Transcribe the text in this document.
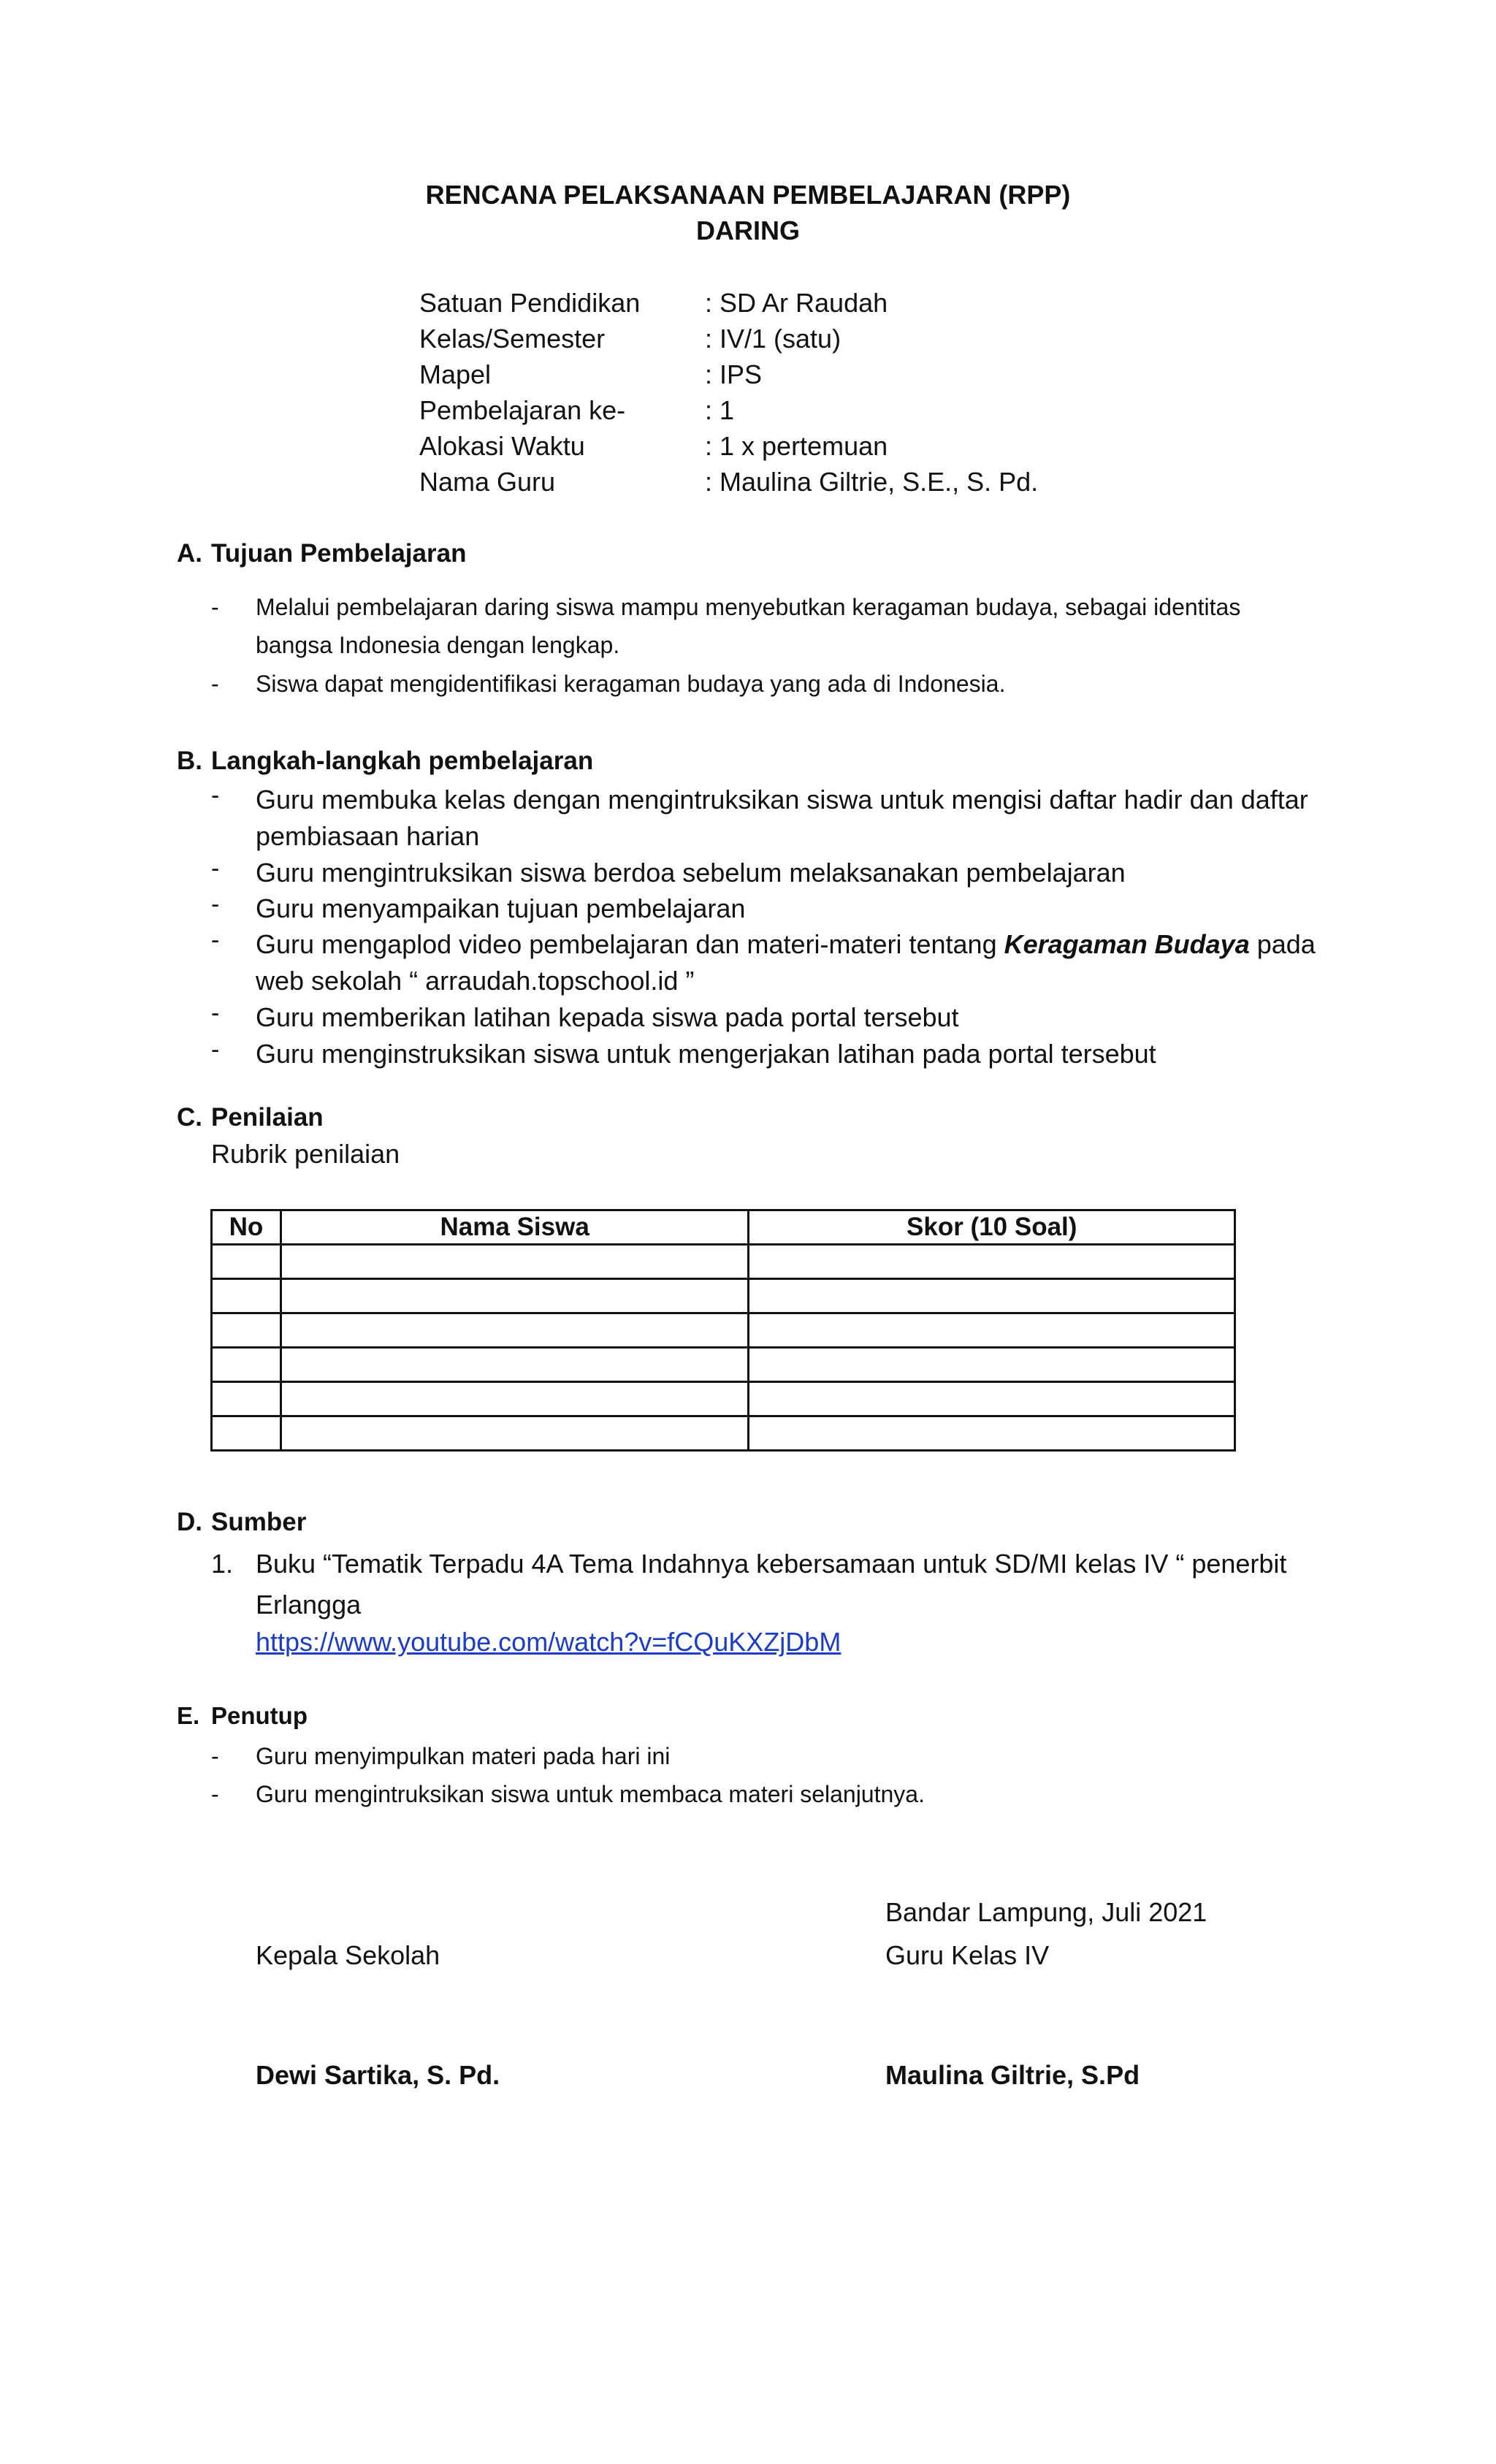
RENCANA PELAKSANAAN PEMBELAJARAN (RPP)
DARING
Satuan Pendidikan : SD Ar Raudah
Kelas/Semester	: IV/1 (satu)
Mapel	: IPS
Pembelajaran ke-	: 1
Alokasi Waktu	: 1 x pertemuan
Nama Guru	: Maulina Giltrie, S.E., S. Pd.
A. Tujuan Pembelajaran
- Melalui pembelajaran daring siswa mampu menyebutkan keragaman budaya, sebagai identitas bangsa Indonesia dengan lengkap.
- Siswa dapat mengidentifikasi keragaman budaya yang ada di Indonesia.
B. Langkah-langkah pembelajaran
- Guru membuka kelas dengan mengintruksikan siswa untuk mengisi daftar hadir dan daftar pembiasaan harian
- Guru mengintruksikan siswa berdoa sebelum melaksanakan pembelajaran
- Guru menyampaikan tujuan pembelajaran
- Guru mengaplod video pembelajaran dan materi-materi tentang Keragaman Budaya pada web sekolah “ arraudah.topschool.id ”
- Guru memberikan latihan kepada siswa pada portal tersebut
- Guru menginstruksikan siswa untuk mengerjakan latihan pada portal tersebut
C. Penilaian
Rubrik penilaian
No	Nama Siswa	Skor (10 Soal)

D. Sumber
1. Buku “Tematik Terpadu 4A Tema Indahnya kebersamaan untuk SD/MI kelas IV “ penerbit Erlangga
https://www.youtube.com/watch?v=fCQuKXZjDbM
E. Penutup
- Guru menyimpulkan materi pada hari ini
- Guru mengintruksikan siswa untuk membaca materi selanjutnya.
Bandar Lampung, Juli 2021
Kepala Sekolah	Guru Kelas IV
Dewi Sartika, S. Pd.	Maulina Giltrie, S.Pd
